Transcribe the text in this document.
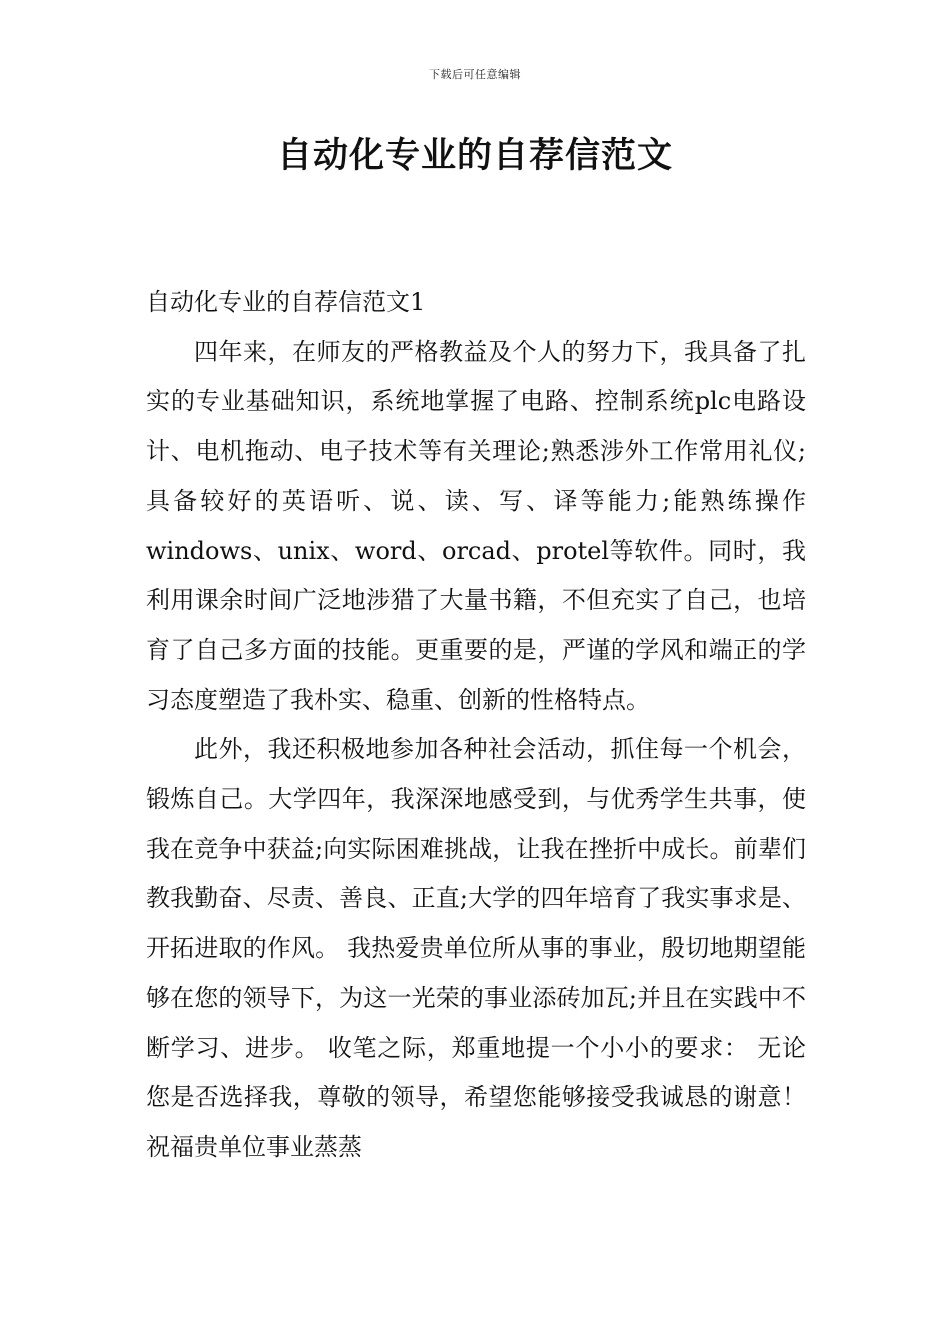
下载后可任意编辑
自动化专业的自荐信范文

自动化专业的自荐信范文1

四年来，在师友的严格教益及个人的努力下，我具备了扎实的专业基础知识，系统地掌握了电路、控制系统plc电路设计、电机拖动、电子技术等有关理论;熟悉涉外工作常用礼仪;具备较好的英语听、说、读、写、译等能力;能熟练操作windows、unix、word、orcad、protel等软件。同时，我利用课余时间广泛地涉猎了大量书籍，不但充实了自己，也培育了自己多方面的技能。更重要的是，严谨的学风和端正的学习态度塑造了我朴实、稳重、创新的性格特点。

此外，我还积极地参加各种社会活动，抓住每一个机会，锻炼自己。大学四年，我深深地感受到，与优秀学生共事，使我在竞争中获益;向实际困难挑战，让我在挫折中成长。前辈们教我勤奋、尽责、善良、正直;大学的四年培育了我实事求是、开拓进取的作风。 我热爱贵单位所从事的事业，殷切地期望能够在您的领导下，为这一光荣的事业添砖加瓦;并且在实践中不断学习、进步。 收笔之际，郑重地提一个小小的要求： 无论您是否选择我，尊敬的领导，希望您能够接受我诚恳的谢意！祝福贵单位事业蒸蒸
